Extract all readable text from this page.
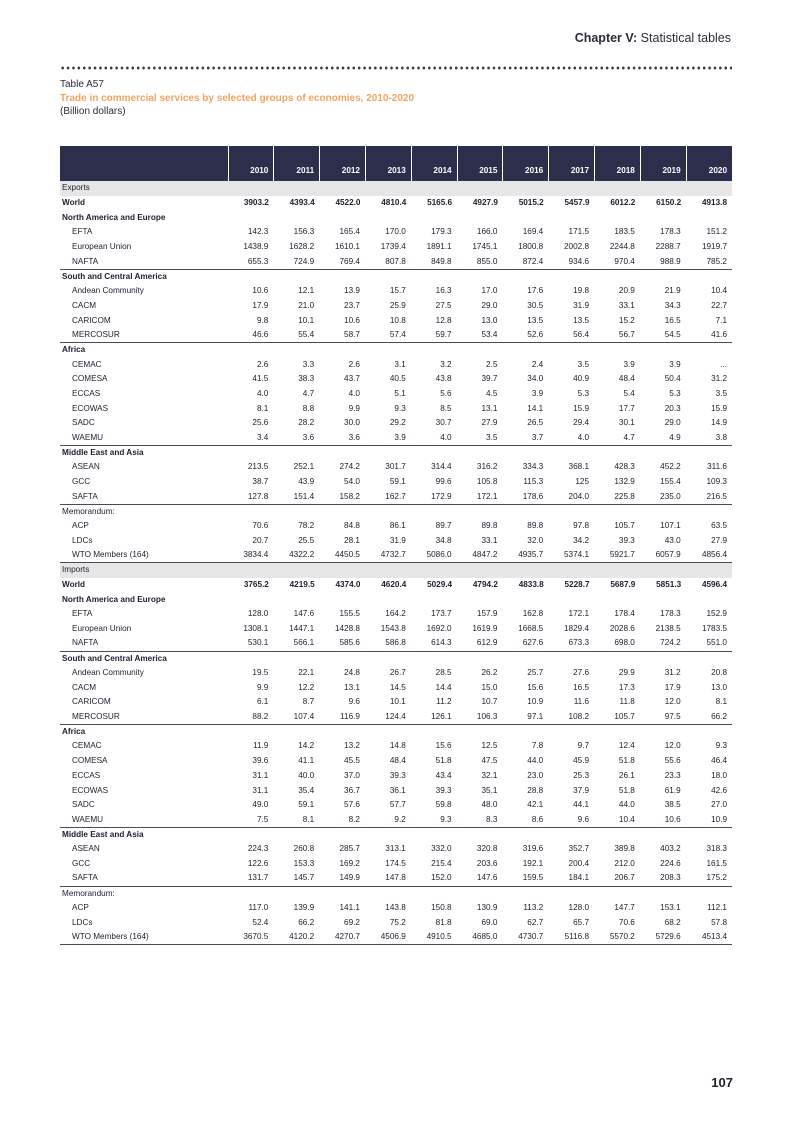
Chapter V: Statistical tables
Table A57
Trade in commercial services by selected groups of economies, 2010-2020
(Billion dollars)
	2010	2011	2012	2013	2014	2015	2016	2017	2018	2019	2020
Exports											
World	3903.2	4393.4	4522.0	4810.4	5165.6	4927.9	5015.2	5457.9	6012.2	6150.2	4913.8
North America and Europe											
EFTA	142.3	156.3	165.4	170.0	179.3	166.0	169.4	171.5	183.5	178.3	151.2
European Union	1438.9	1628.2	1610.1	1739.4	1891.1	1745.1	1800.8	2002.8	2244.8	2288.7	1919.7
NAFTA	655.3	724.9	769.4	807.8	849.8	855.0	872.4	934.6	970.4	988.9	785.2
South and Central America											
Andean Community	10.6	12.1	13.9	15.7	16.3	17.0	17.6	19.8	20.9	21.9	10.4
CACM	17.9	21.0	23.7	25.9	27.5	29.0	30.5	31.9	33.1	34.3	22.7
CARICOM	9.8	10.1	10.6	10.8	12.8	13.0	13.5	13.5	15.2	16.5	7.1
MERCOSUR	46.6	55.4	58.7	57.4	59.7	53.4	52.6	56.4	56.7	54.5	41.6
Africa											
CEMAC	2.6	3.3	2.6	3.1	3.2	2.5	2.4	3.5	3.9	3.9	...
COMESA	41.5	38.3	43.7	40.5	43.8	39.7	34.0	40.9	48.4	50.4	31.2
ECCAS	4.0	4.7	4.0	5.1	5.6	4.5	3.9	5.3	5.4	5.3	3.5
ECOWAS	8.1	8.8	9.9	9.3	8.5	13.1	14.1	15.9	17.7	20.3	15.9
SADC	25.6	28.2	30.0	29.2	30.7	27.9	26.5	29.4	30.1	29.0	14.9
WAEMU	3.4	3.6	3.6	3.9	4.0	3.5	3.7	4.0	4.7	4.9	3.8
Middle East and Asia											
ASEAN	213.5	252.1	274.2	301.7	314.4	316.2	334.3	368.1	428.3	452.2	311.6
GCC	38.7	43.9	54.0	59.1	99.6	105.8	115.3	125	132.9	155.4	109.3
SAFTA	127.8	151.4	158.2	162.7	172.9	172.1	178.6	204.0	225.8	235.0	216.5
Memorandum:											
ACP	70.6	78.2	84.8	86.1	89.7	89.8	89.8	97.8	105.7	107.1	63.5
LDCs	20.7	25.5	28.1	31.9	34.8	33.1	32.0	34.2	39.3	43.0	27.9
WTO Members (164)	3834.4	4322.2	4450.5	4732.7	5086.0	4847.2	4935.7	5374.1	5921.7	6057.9	4856.4
Imports											
World	3765.2	4219.5	4374.0	4620.4	5029.4	4794.2	4833.8	5228.7	5687.9	5851.3	4596.4
North America and Europe											
EFTA	128.0	147.6	155.5	164.2	173.7	157.9	162.8	172.1	178.4	178.3	152.9
European Union	1308.1	1447.1	1428.8	1543.8	1692.0	1619.9	1668.5	1829.4	2028.6	2138.5	1783.5
NAFTA	530.1	566.1	585.6	586.8	614.3	612.9	627.6	673.3	698.0	724.2	551.0
South and Central America											
Andean Community	19.5	22.1	24.8	26.7	28.5	26.2	25.7	27.6	29.9	31.2	20.8
CACM	9.9	12.2	13.1	14.5	14.4	15.0	15.6	16.5	17.3	17.9	13.0
CARICOM	6.1	8.7	9.6	10.1	11.2	10.7	10.9	11.6	11.8	12.0	8.1
MERCOSUR	88.2	107.4	116.9	124.4	126.1	106.3	97.1	108.2	105.7	97.5	66.2
Africa											
CEMAC	11.9	14.2	13.2	14.8	15.6	12.5	7.8	9.7	12.4	12.0	9.3
COMESA	39.6	41.1	45.5	48.4	51.8	47.5	44.0	45.9	51.8	55.6	46.4
ECCAS	31.1	40.0	37.0	39.3	43.4	32.1	23.0	25.3	26.1	23.3	18.0
ECOWAS	31.1	35.4	36.7	36.1	39.3	35.1	28.8	37.9	51.8	61.9	42.6
SADC	49.0	59.1	57.6	57.7	59.8	48.0	42.1	44.1	44.0	38.5	27.0
WAEMU	7.5	8.1	8.2	9.2	9.3	8.3	8.6	9.6	10.4	10.6	10.9
Middle East and Asia											
ASEAN	224.3	260.8	285.7	313.1	332.0	320.8	319.6	352.7	389.8	403.2	318.3
GCC	122.6	153.3	169.2	174.5	215.4	203.6	192.1	200.4	212.0	224.6	161.5
SAFTA	131.7	145.7	149.9	147.8	152.0	147.6	159.5	184.1	206.7	208.3	175.2
Memorandum:											
ACP	117.0	139.9	141.1	143.8	150.8	130.9	113.2	128.0	147.7	153.1	112.1
LDCs	52.4	66.2	69.2	75.2	81.8	69.0	62.7	65.7	70.6	68.2	57.8
WTO Members (164)	3670.5	4120.2	4270.7	4506.9	4910.5	4685.0	4730.7	5116.8	5570.2	5729.6	4513.4
107
